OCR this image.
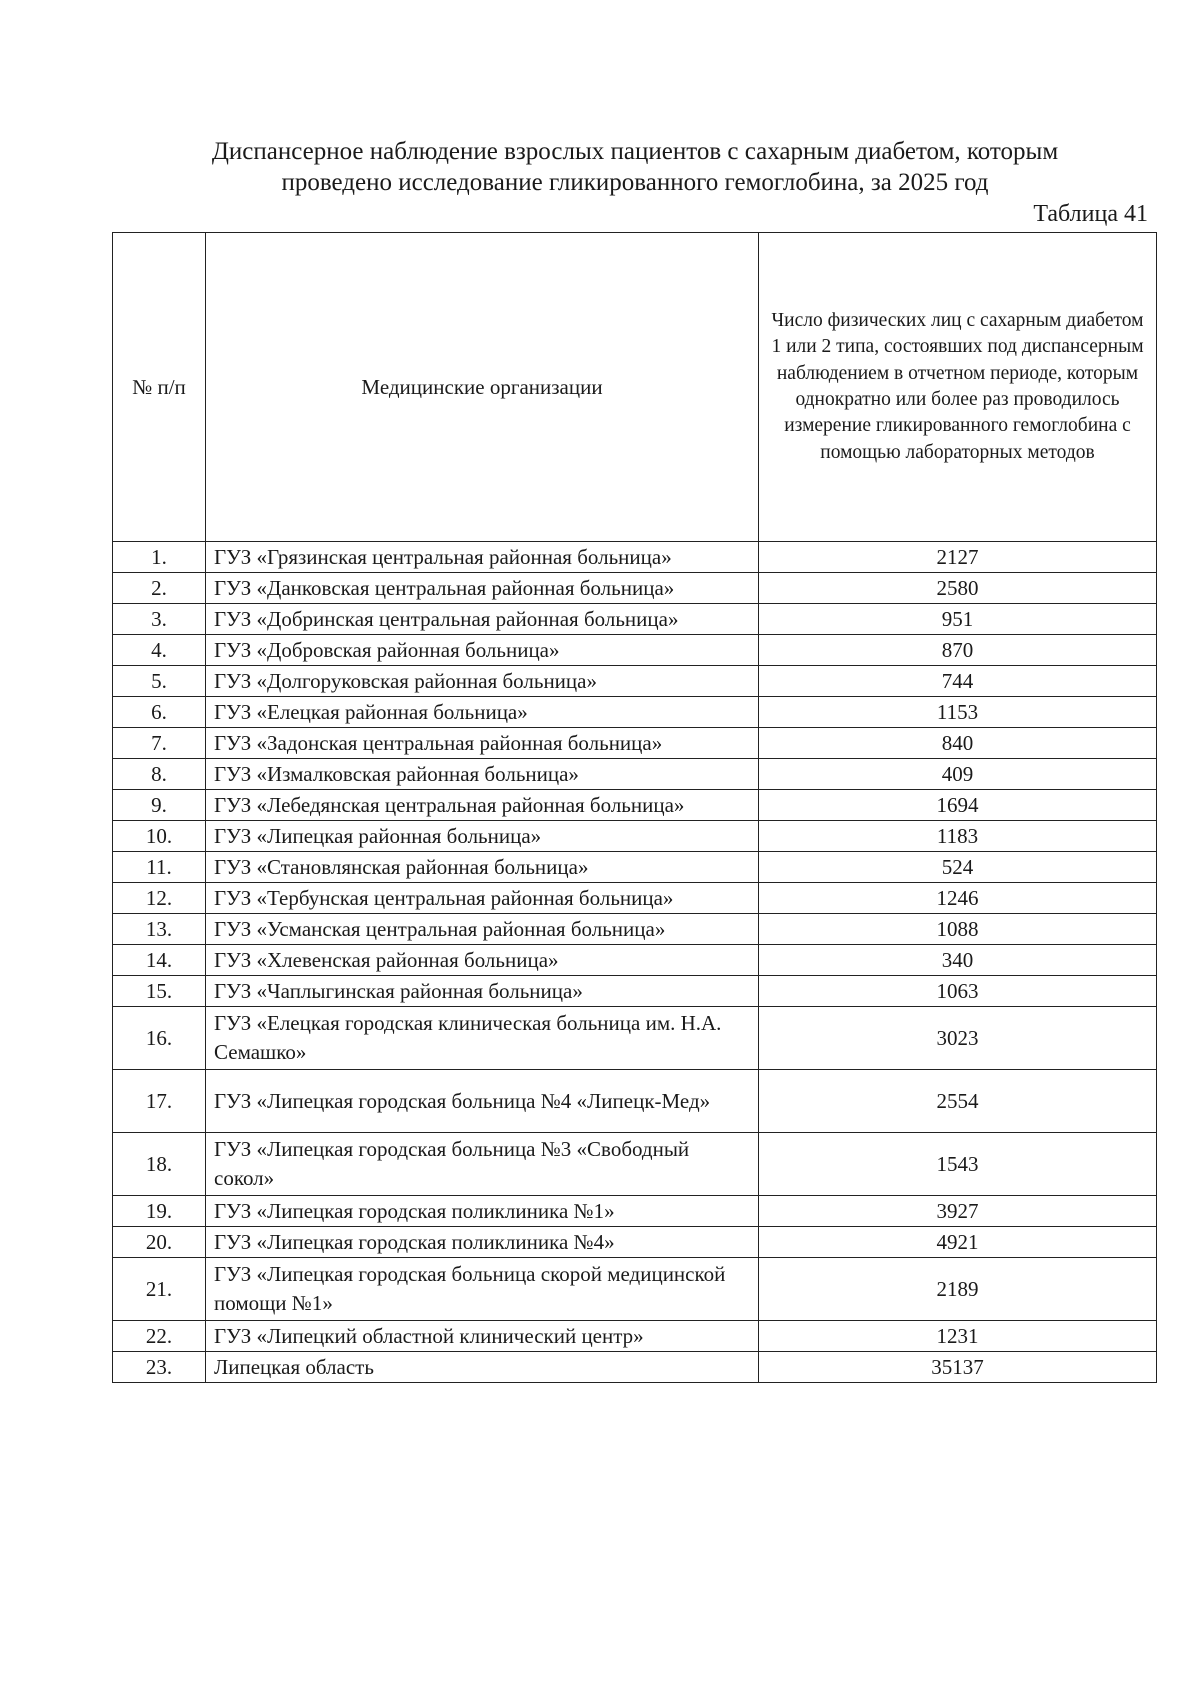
Диспансерное наблюдение взрослых пациентов с сахарным диабетом, которым
проведено исследование гликированного гемоглобина, за 2025 год
Таблица 41
№ п/п	Медицинские организации	Число физических лиц с сахарным диабетом 1 или 2 типа, состоявших под диспансерным наблюдением в отчетном периоде, которым однократно или более раз проводилось измерение гликированного гемоглобина с помощью лабораторных методов
1.	ГУЗ «Грязинская центральная районная больница»	2127
2.	ГУЗ «Данковская центральная районная больница»	2580
3.	ГУЗ «Добринская центральная районная больница»	951
4.	ГУЗ «Добровская районная больница»	870
5.	ГУЗ «Долгоруковская районная больница»	744
6.	ГУЗ «Елецкая районная больница»	1153
7.	ГУЗ «Задонская центральная районная больница»	840
8.	ГУЗ «Измалковская районная больница»	409
9.	ГУЗ «Лебедянская центральная районная больница»	1694
10.	ГУЗ «Липецкая районная больница»	1183
11.	ГУЗ «Становлянская районная больница»	524
12.	ГУЗ «Тербунская центральная районная больница»	1246
13.	ГУЗ «Усманская центральная районная больница»	1088
14.	ГУЗ «Хлевенская районная больница»	340
15.	ГУЗ «Чаплыгинская районная больница»	1063
16.	ГУЗ «Елецкая городская клиническая больница им. Н.А. Семашко»	3023
17.	ГУЗ «Липецкая городская больница №4 «Липецк-Мед»	2554
18.	ГУЗ «Липецкая городская больница №3 «Свободный сокол»	1543
19.	ГУЗ «Липецкая городская поликлиника №1»	3927
20.	ГУЗ «Липецкая городская поликлиника №4»	4921
21.	ГУЗ «Липецкая городская больница скорой медицинской помощи №1»	2189
22.	ГУЗ «Липецкий областной клинический центр»	1231
23.	Липецкая область	35137
